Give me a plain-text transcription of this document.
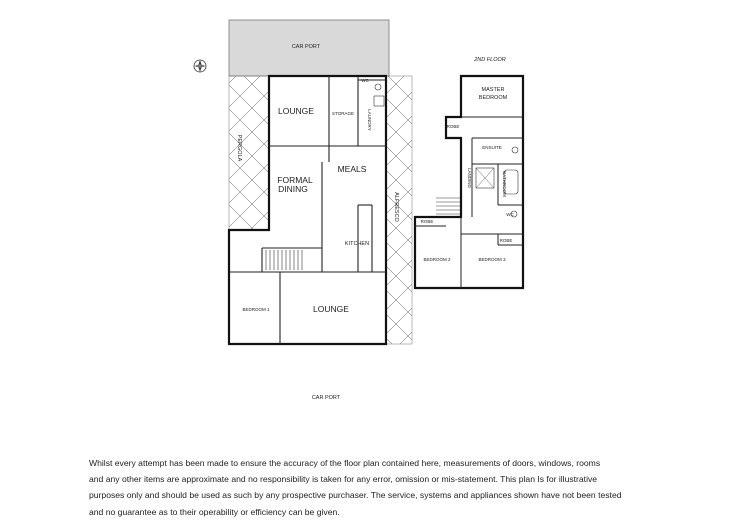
CAR PORT
LOUNGE	STORAGE	LAUNDRY
WC
PERGOLA
FORMAL
DINING
MEALS
KITCHEN
ALFRESCO
BEDROOM 1	LOUNGE
CAR PORT
2ND FLOOR
MASTER
BEDROOM
ROBE
ENSUITE
LANDING	BATHROOM
WC
ROBE
ROBE
BEDROOM 2	BEDROOM 3

Whilst every attempt has been made to ensure the accuracy of the floor plan contained here, measurements of doors, windows, rooms
and any other items are approximate and no responsibility is taken for any error, omission or mis-statement. This plan Is for illustrative
purposes only and should be used as such by any prospective purchaser. The service, systems and appliances shown have not been tested
and no guarantee as to their operability or efficiency can be given.
